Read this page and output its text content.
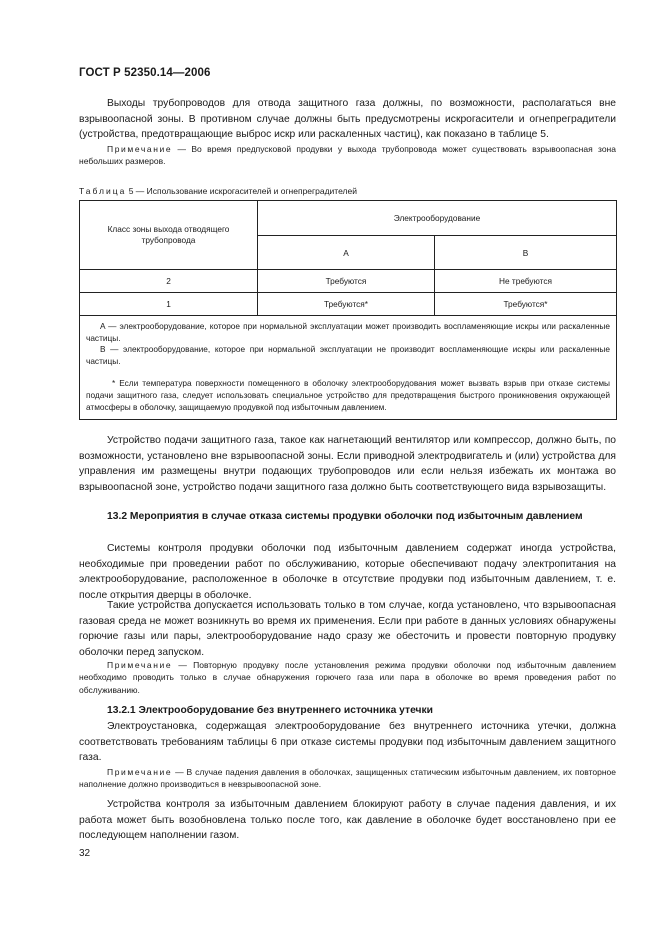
ГОСТ Р 52350.14—2006
Выходы трубопроводов для отвода защитного газа должны, по возможности, располагаться вне взрывоопасной зоны. В противном случае должны быть предусмотрены искрогасители и огнепреградители (устройства, предотвращающие выброс искр или раскаленных частиц), как показано в таблице 5.
Примечание — Во время предпусковой продувки у выхода трубопровода может существовать взрывоопасная зона небольших размеров.
Таблица 5 — Использование искрогасителей и огнепреградителей
Класс зоны выхода отводящего трубопровода	Электрооборудование	
	A	B
2	Требуются	Не требуются
1	Требуются*	Требуются*

A — электрооборудование, которое при нормальной эксплуатации может производить воспламеняющие искры или раскаленные частицы.

B — электрооборудование, которое при нормальной эксплуатации не производит воспламеняющие искры или раскаленные частицы.

* Если температура поверхности помещенного в оболочку электрооборудования может вызвать взрыв при отказе системы подачи защитного газа, следует использовать специальное устройство для предотвращения быстрого проникновения окружающей атмосферы в оболочку, защищаемую продувкой под избыточным давлением.		

Устройство подачи защитного газа, такое как нагнетающий вентилятор или компрессор, должно быть, по возможности, установлено вне взрывоопасной зоны. Если приводной электродвигатель и (или) устройства для управления им размещены внутри подающих трубопроводов или если нельзя избежать их монтажа во взрывоопасной зоне, устройство подачи защитного газа должно быть соответствующего вида взрывозащиты.
13.2 Мероприятия в случае отказа системы продувки оболочки под избыточным давлением
Системы контроля продувки оболочки под избыточным давлением содержат иногда устройства, необходимые при проведении работ по обслуживанию, которые обеспечивают подачу электропитания на электрооборудование, расположенное в оболочке в отсутствие продувки под избыточным давлением, т. е. после открытия дверцы в оболочке.
Такие устройства допускается использовать только в том случае, когда установлено, что взрывоопасная газовая среда не может возникнуть во время их применения. Если при работе в данных условиях обнаружены горючие газы или пары, электрооборудование надо сразу же обесточить и провести повторную продувку оболочки перед запуском.
Примечание — Повторную продувку после установления режима продувки оболочки под избыточным давлением необходимо проводить только в случае обнаружения горючего газа или пара в оболочке во время проведения работ по обслуживанию.
13.2.1 Электрооборудование без внутреннего источника утечки
Электроустановка, содержащая электрооборудование без внутреннего источника утечки, должна соответствовать требованиям таблицы 6 при отказе системы продувки под избыточным давлением защитного газа.
Примечание — В случае падения давления в оболочках, защищенных статическим избыточным давлением, их повторное наполнение должно производиться в невзрывоопасной зоне.
Устройства контроля за избыточным давлением блокируют работу в случае падения давления, и их работа может быть возобновлена только после того, как давление в оболочке будет восстановлено при ее последующем наполнении газом.
32
